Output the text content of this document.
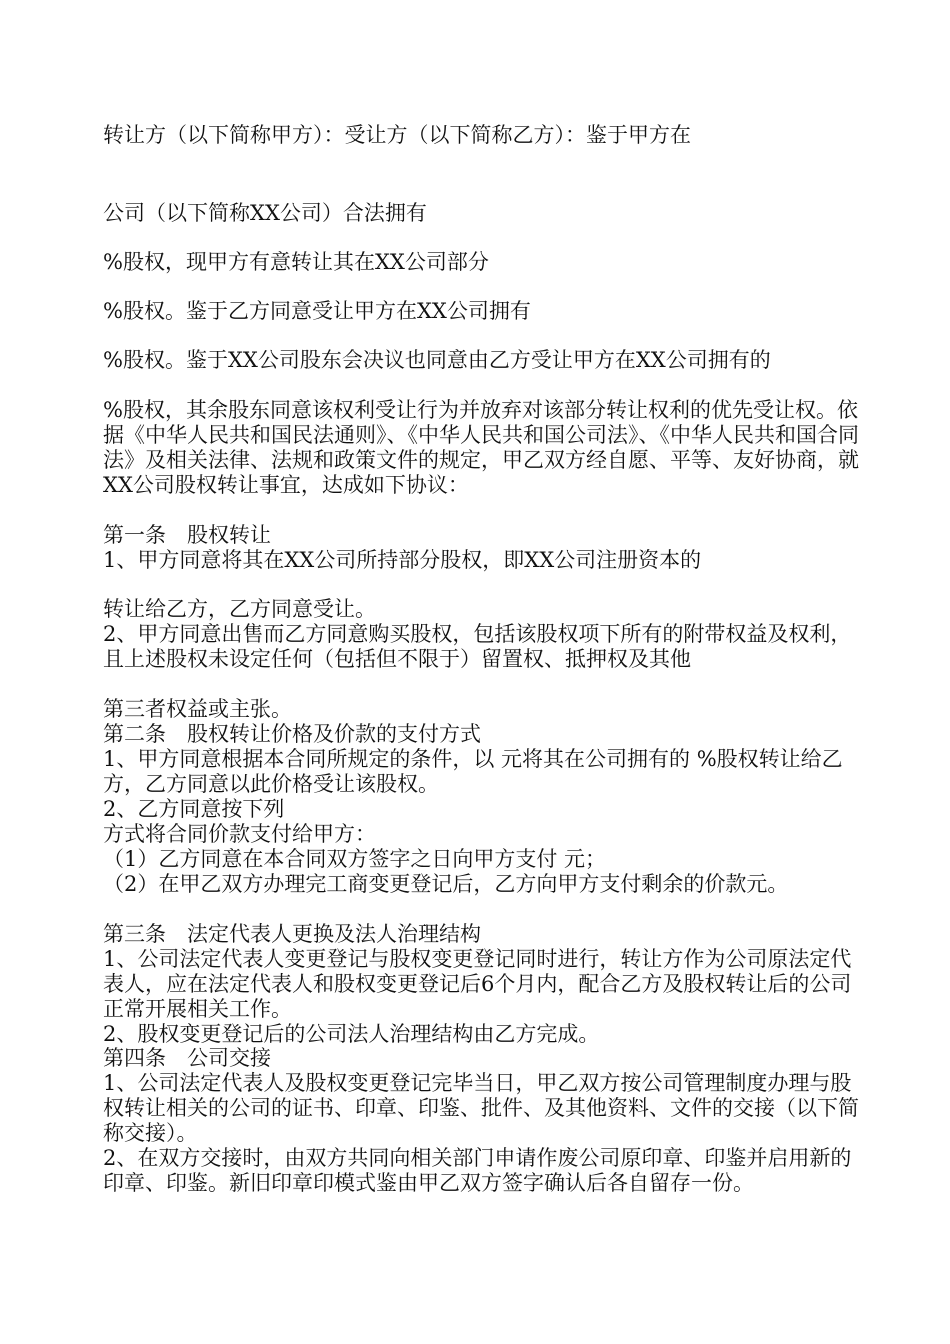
转让方（以下简称甲方）：受让方（以下简称乙方）：鉴于甲方在

公司（以下简称XX公司）合法拥有

%股权，现甲方有意转让其在XX公司部分

%股权。鉴于乙方同意受让甲方在XX公司拥有

%股权。鉴于XX公司股东会决议也同意由乙方受让甲方在XX公司拥有的

%股权，其余股东同意该权利受让行为并放弃对该部分转让权利的优先受让权。依据《中华人民共和国民法通则》、《中华人民共和国公司法》、《中华人民共和国合同法》及相关法律、法规和政策文件的规定，甲乙双方经自愿、平等、友好协商，就XX公司股权转让事宜，达成如下协议：

第一条　股权转让

1、甲方同意将其在XX公司所持部分股权，即XX公司注册资本的

转让给乙方，乙方同意受让。

2、甲方同意出售而乙方同意购买股权，包括该股权项下所有的附带权益及权利，且上述股权未设定任何（包括但不限于）留置权、抵押权及其他

第三者权益或主张。

第二条　股权转让价格及价款的支付方式

1、甲方同意根据本合同所规定的条件，以 元将其在公司拥有的 %股权转让给乙方，乙方同意以此价格受让该股权。

2、乙方同意按下列

方式将合同价款支付给甲方：

（1）乙方同意在本合同双方签字之日向甲方支付 元；

（2）在甲乙双方办理完工商变更登记后，乙方向甲方支付剩余的价款元。

第三条　法定代表人更换及法人治理结构

1、公司法定代表人变更登记与股权变更登记同时进行，转让方作为公司原法定代表人，应在法定代表人和股权变更登记后6个月内，配合乙方及股权转让后的公司正常开展相关工作。

2、股权变更登记后的公司法人治理结构由乙方完成。

第四条　公司交接

1、公司法定代表人及股权变更登记完毕当日，甲乙双方按公司管理制度办理与股权转让相关的公司的证书、印章、印鉴、批件、及其他资料、文件的交接（以下简称交接）。

2、在双方交接时，由双方共同向相关部门申请作废公司原印章、印鉴并启用新的印章、印鉴。新旧印章印模式鉴由甲乙双方签字确认后各自留存一份。
